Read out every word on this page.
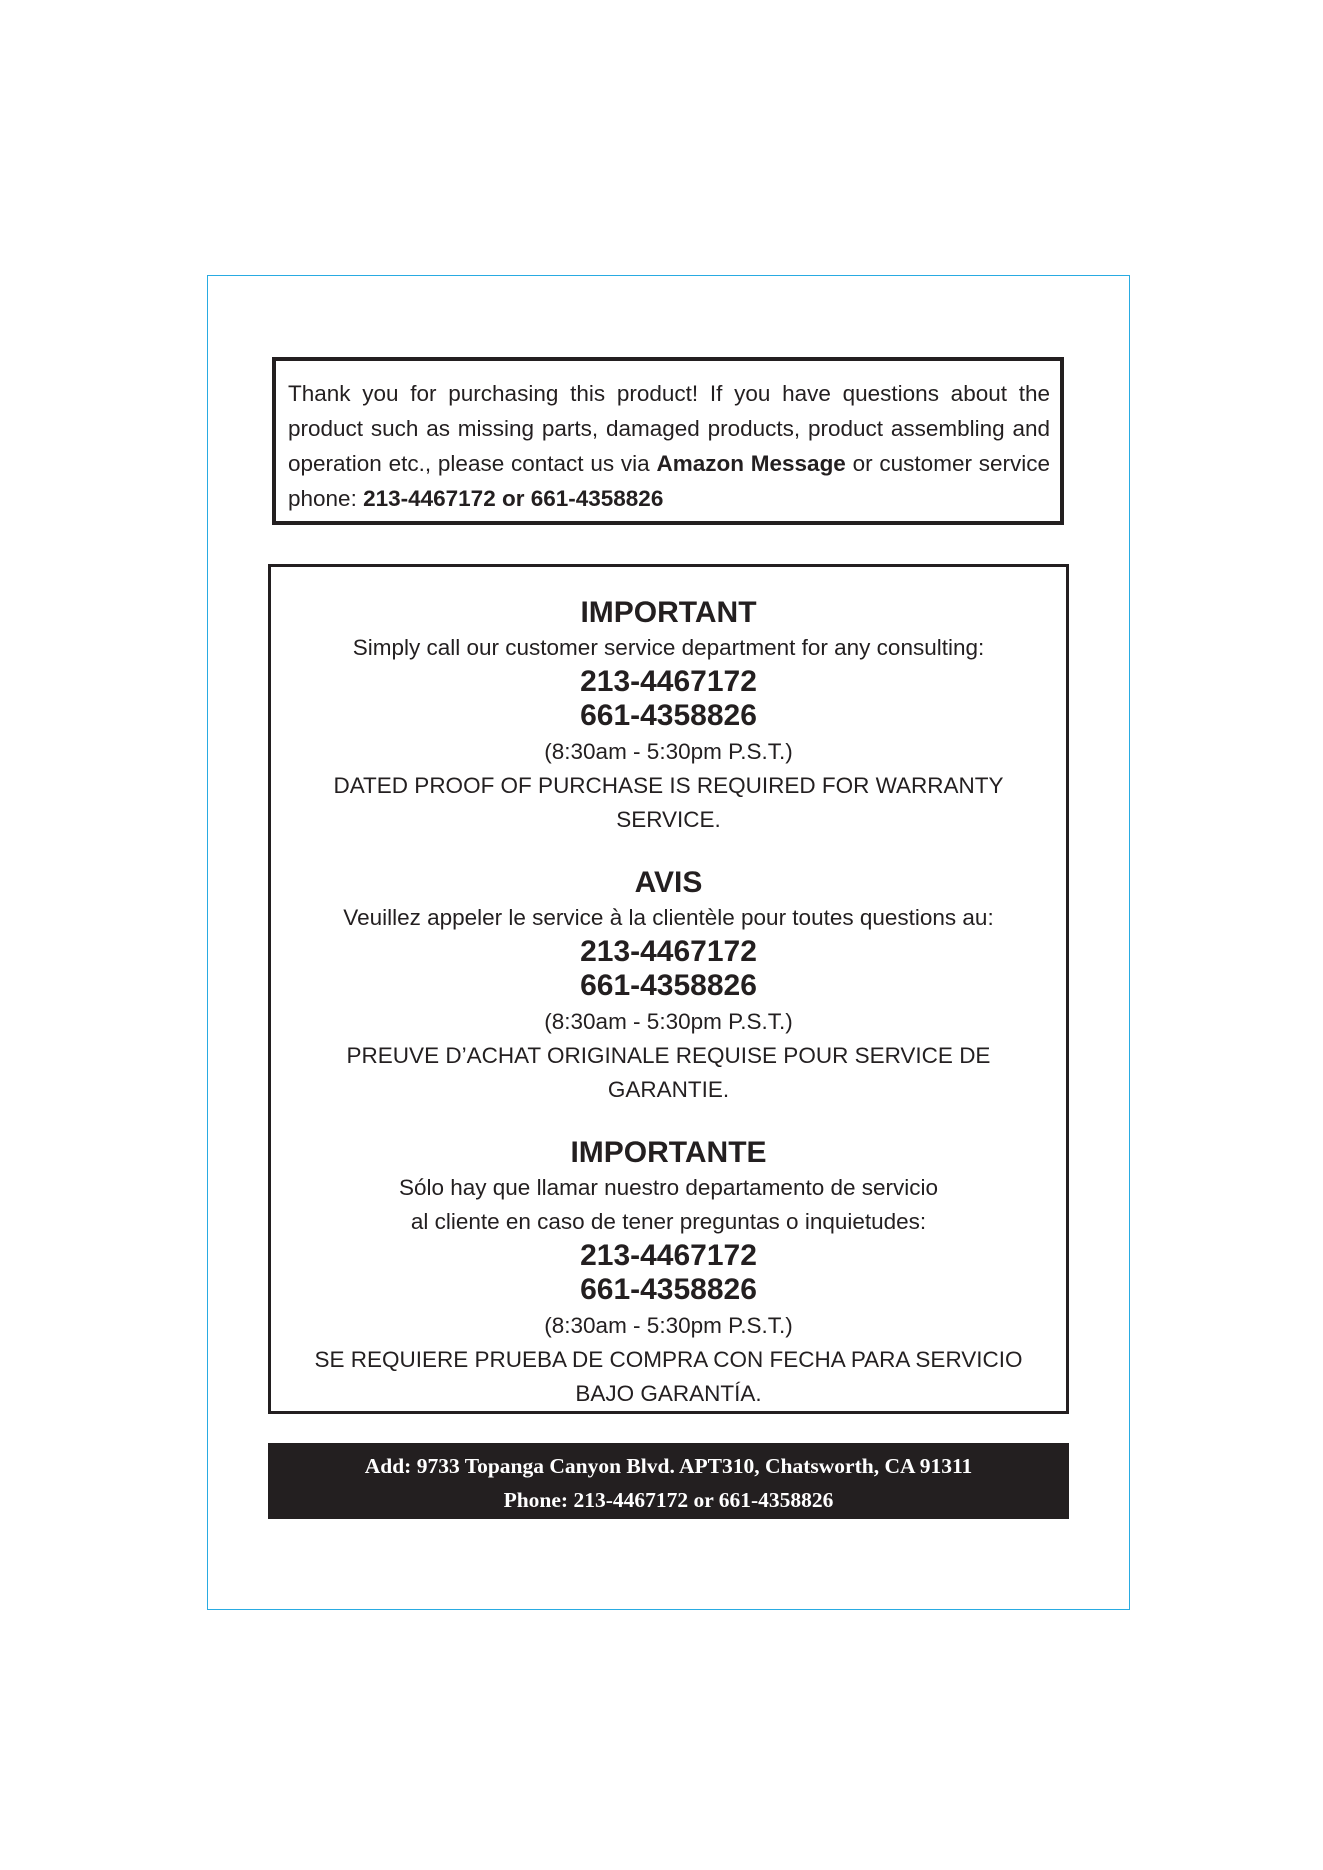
Thank you for purchasing this product! If you have questions about the product such as missing parts, damaged products, product assembling and operation etc., please contact us via Amazon Message or customer service phone: 213-4467172 or 661-4358826
IMPORTANT
Simply call our customer service department for any consulting:
213-4467172
661-4358826
(8:30am - 5:30pm P.S.T.)
DATED PROOF OF PURCHASE IS REQUIRED FOR WARRANTY SERVICE.
AVIS
Veuillez appeler le service à la clientèle pour toutes questions au:
213-4467172
661-4358826
(8:30am - 5:30pm P.S.T.)
PREUVE D’ACHAT ORIGINALE REQUISE POUR SERVICE DE GARANTIE.
IMPORTANTE
Sólo hay que llamar nuestro departamento de servicio
al cliente en caso de tener preguntas o inquietudes:
213-4467172
661-4358826
(8:30am - 5:30pm P.S.T.)
SE REQUIERE PRUEBA DE COMPRA CON FECHA PARA SERVICIO BAJO GARANTÍA.
Add: 9733 Topanga Canyon Blvd. APT310, Chatsworth, CA 91311
Phone: 213-4467172 or 661-4358826
